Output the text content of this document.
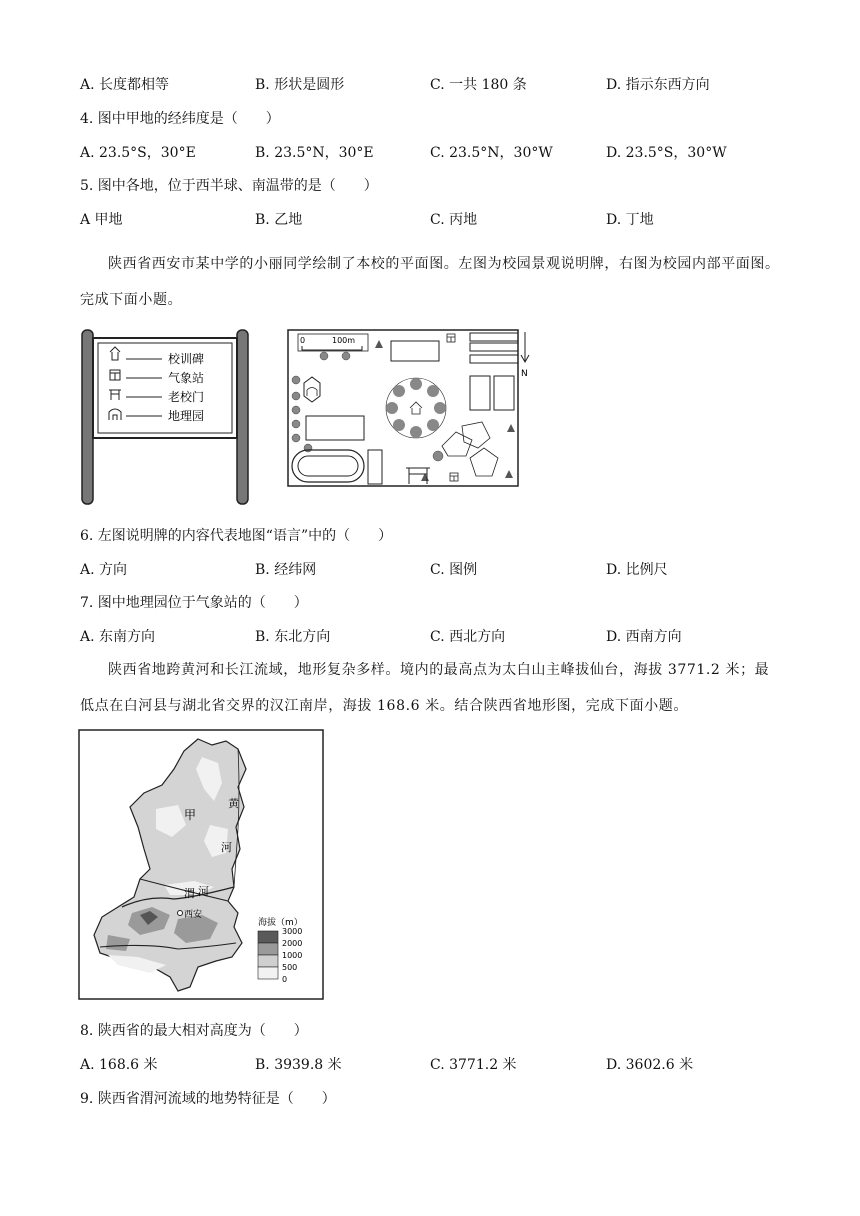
A. 长度都相等	B. 形状是圆形	C. 一共 180 条	D. 指示东西方向
4. 图中甲地的经纬度是（　　）
A. 23.5°S，30°E	B. 23.5°N，30°E	C. 23.5°N，30°W	D. 23.5°S，30°W
5. 图中各地，位于西半球、南温带的是（　　）
A 甲地	B. 乙地	C. 丙地	D. 丁地
陕西省西安市某中学的小丽同学绘制了本校的平面图。左图为校园景观说明牌，右图为校园内部平面图。完成下面小题。
校训碑
气象站
老校门
地理园
0	100m
N
6. 左图说明牌的内容代表地图“语言”中的（　　）
A. 方向	B. 经纬网	C. 图例	D. 比例尺
7. 图中地理园位于气象站的（　　）
A. 东南方向	B. 东北方向	C. 西北方向	D. 西南方向
陕西省地跨黄河和长江流域，地形复杂多样。境内的最高点为太白山主峰拔仙台，海拔 3771.2 米；最低点在白河县与湖北省交界的汉江南岸，海拔 168.6 米。结合陕西省地形图，完成下面小题。
甲
黄
河
渭 河
西安
海拔（m）
3000
2000
1000
500
0
8. 陕西省的最大相对高度为（　　）
A. 168.6 米	B. 3939.8 米	C. 3771.2 米	D. 3602.6 米
9. 陕西省渭河流域的地势特征是（　　）
